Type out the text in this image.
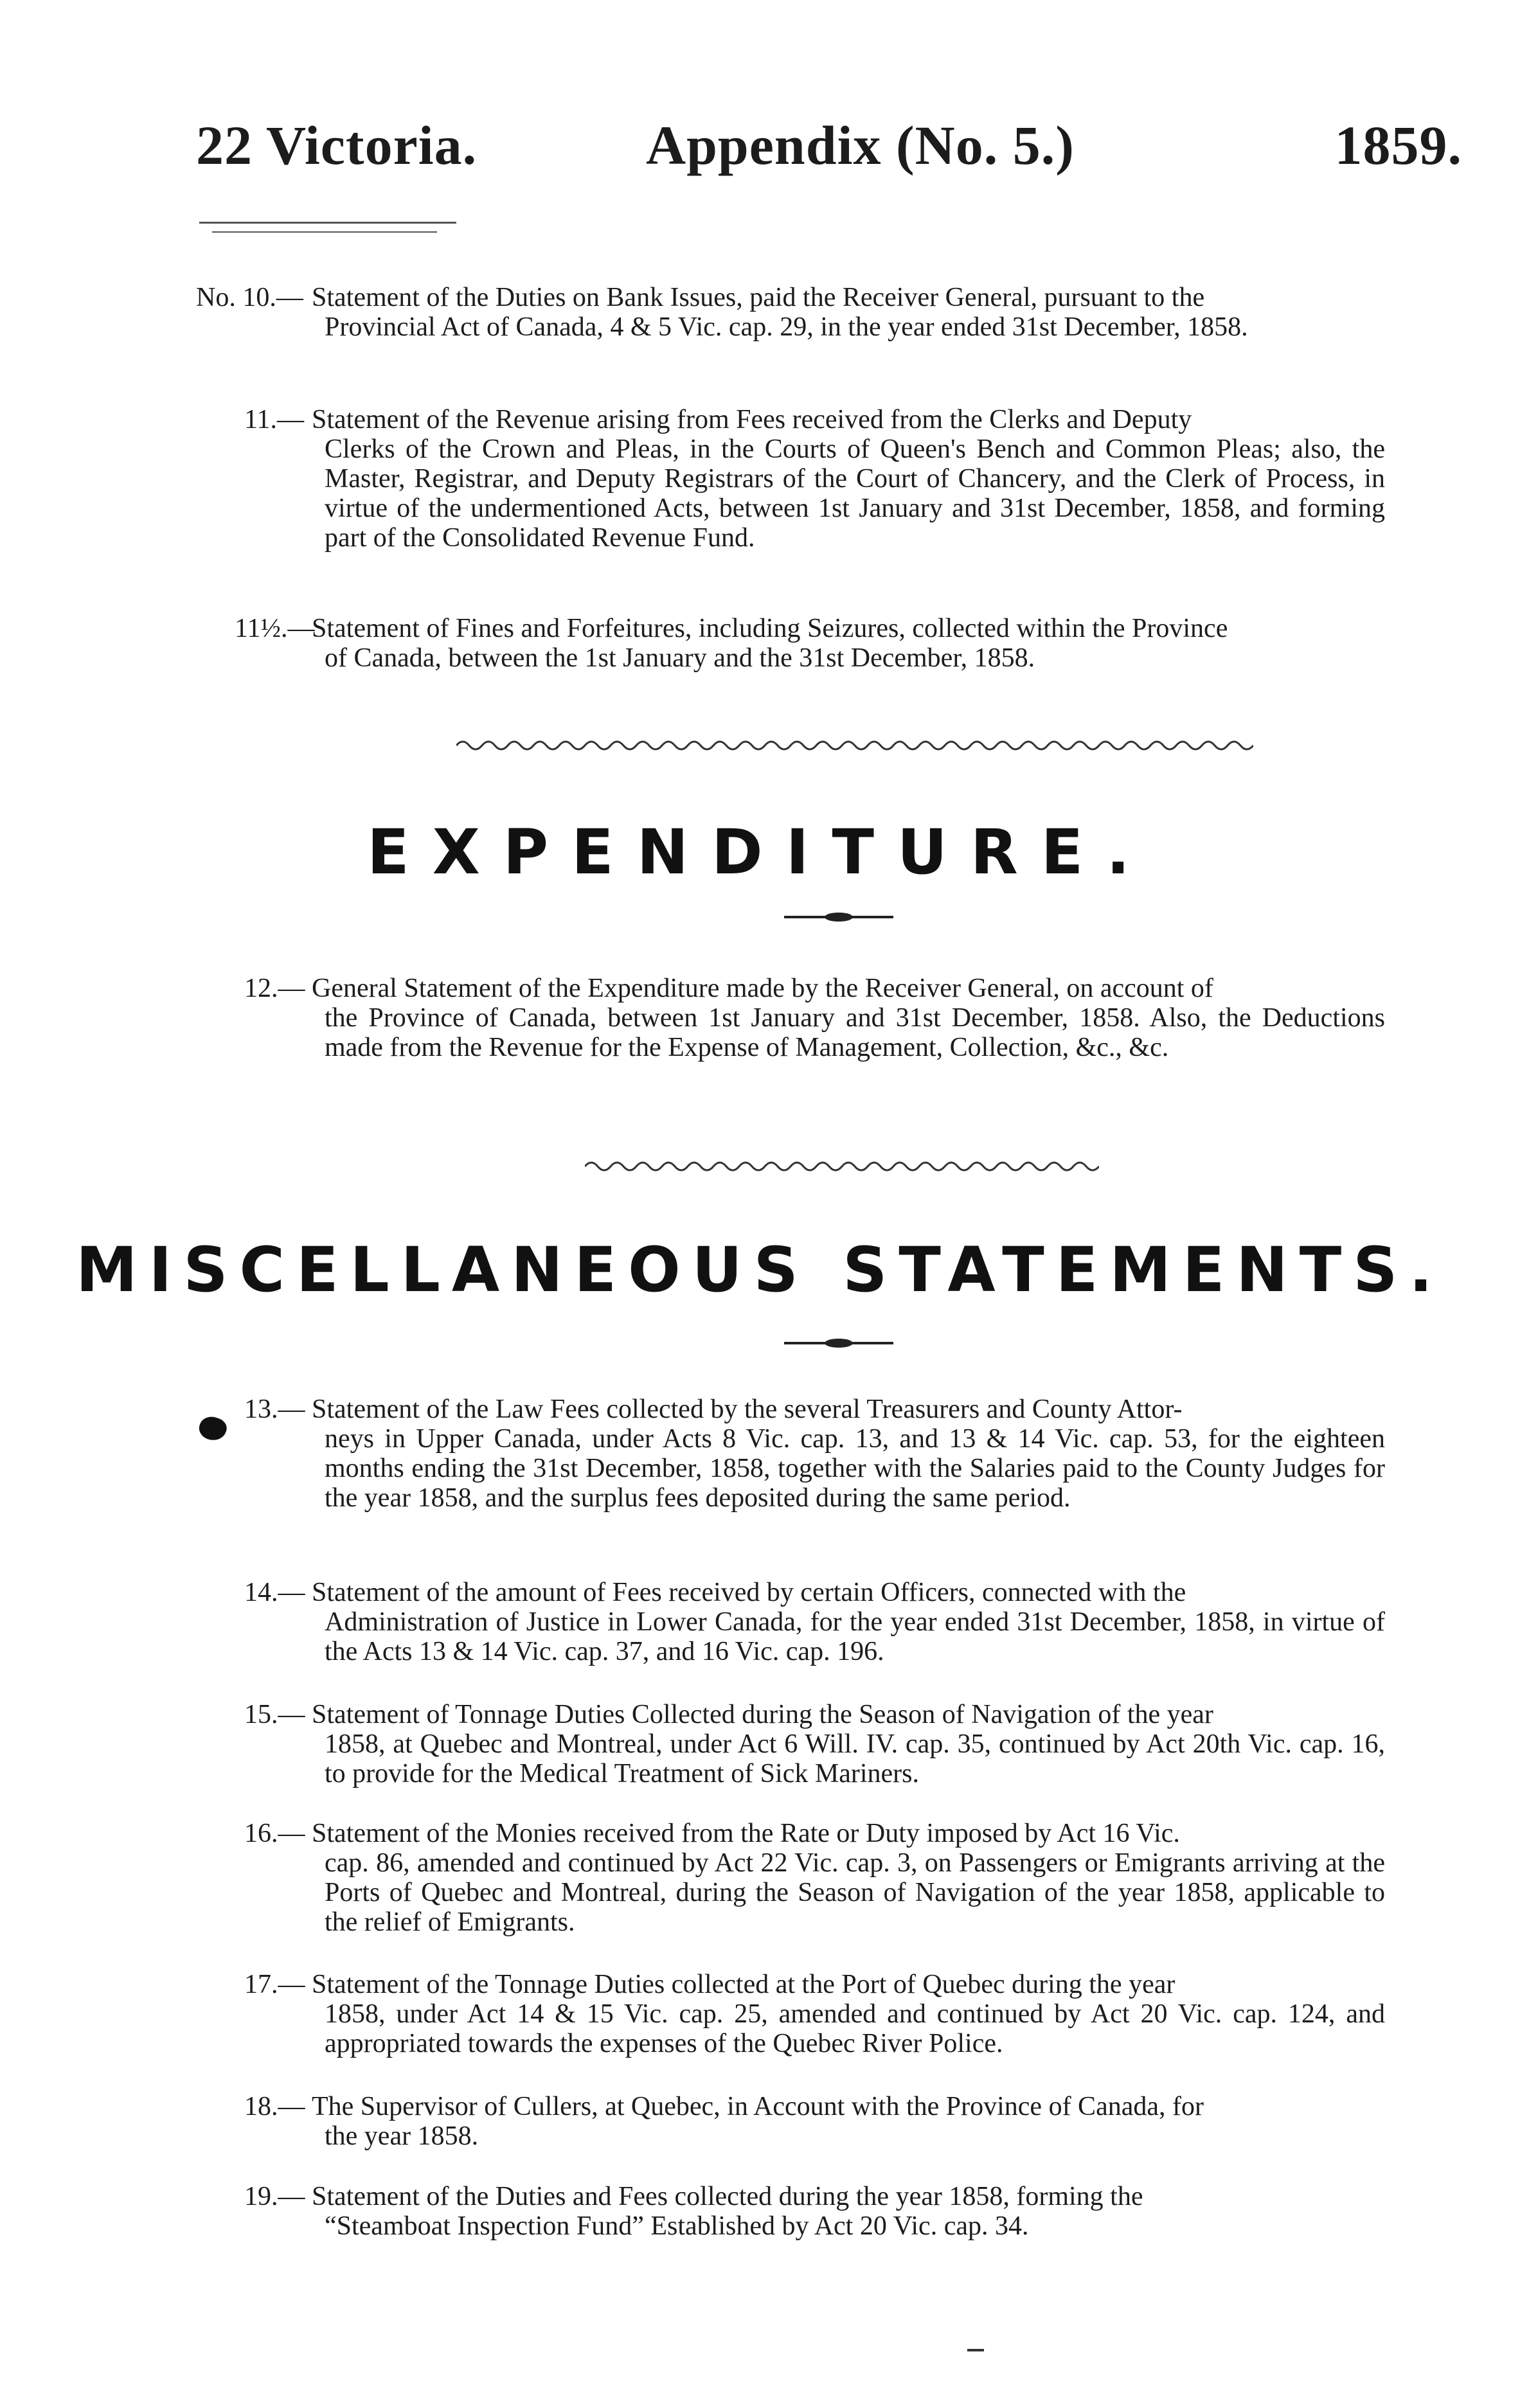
22 Victoria.	Appendix (No. 5.)	1859.
No. 10.— Statement of the Duties on Bank Issues, paid the Receiver General, pursuant to the
Provincial Act of Canada, 4 & 5 Vic. cap. 29, in the year ended 31st December, 1858.
11.— Statement of the Revenue arising from Fees received from the Clerks and Deputy
Clerks of the Crown and Pleas, in the Courts of Queen's Bench and Common Pleas; also, the Master, Registrar, and Deputy Registrars of the Court of Chancery, and the Clerk of Process, in virtue of the undermentioned Acts, between 1st January and 31st December, 1858, and forming part of the Consolidated Revenue Fund.
11½.—
Statement of Fines and Forfeitures, including Seizures, collected within the Province
of Canada, between the 1st January and the 31st December, 1858.
EXPENDITURE.
12.— General Statement of the Expenditure made by the Receiver General, on account of
the Province of Canada, between 1st January and 31st December, 1858. Also, the Deductions made from the Revenue for the Expense of Management, Collection, &c., &c.
MISCELLANEOUS STATEMENTS.
13.— Statement of the Law Fees collected by the several Treasurers and County Attor-
neys in Upper Canada, under Acts 8 Vic. cap. 13, and 13 & 14 Vic. cap. 53, for the eighteen months ending the 31st December, 1858, together with the Salaries paid to the County Judges for the year 1858, and the surplus fees deposited during the same period.
14.— Statement of the amount of Fees received by certain Officers, connected with the
Administration of Justice in Lower Canada, for the year ended 31st December, 1858, in virtue of the Acts 13 & 14 Vic. cap. 37, and 16 Vic. cap. 196.
15.— Statement of Tonnage Duties Collected during the Season of Navigation of the year
1858, at Quebec and Montreal, under Act 6 Will. IV. cap. 35, continued by Act 20th Vic. cap. 16, to provide for the Medical Treatment of Sick Mariners.
16.— Statement of the Monies received from the Rate or Duty imposed by Act 16 Vic.
cap. 86, amended and continued by Act 22 Vic. cap. 3, on Passengers or Emigrants arriving at the Ports of Quebec and Montreal, during the Season of Navigation of the year 1858, applicable to the relief of Emigrants.
17.— Statement of the Tonnage Duties collected at the Port of Quebec during the year
1858, under Act 14 & 15 Vic. cap. 25, amended and continued by Act 20 Vic. cap. 124, and appropriated towards the expenses of the Quebec River Police.
18.— The Supervisor of Cullers, at Quebec, in Account with the Province of Canada, for
the year 1858.
19.— Statement of the Duties and Fees collected during the year 1858, forming the
“Steamboat Inspection Fund” Established by Act 20 Vic. cap. 34.
